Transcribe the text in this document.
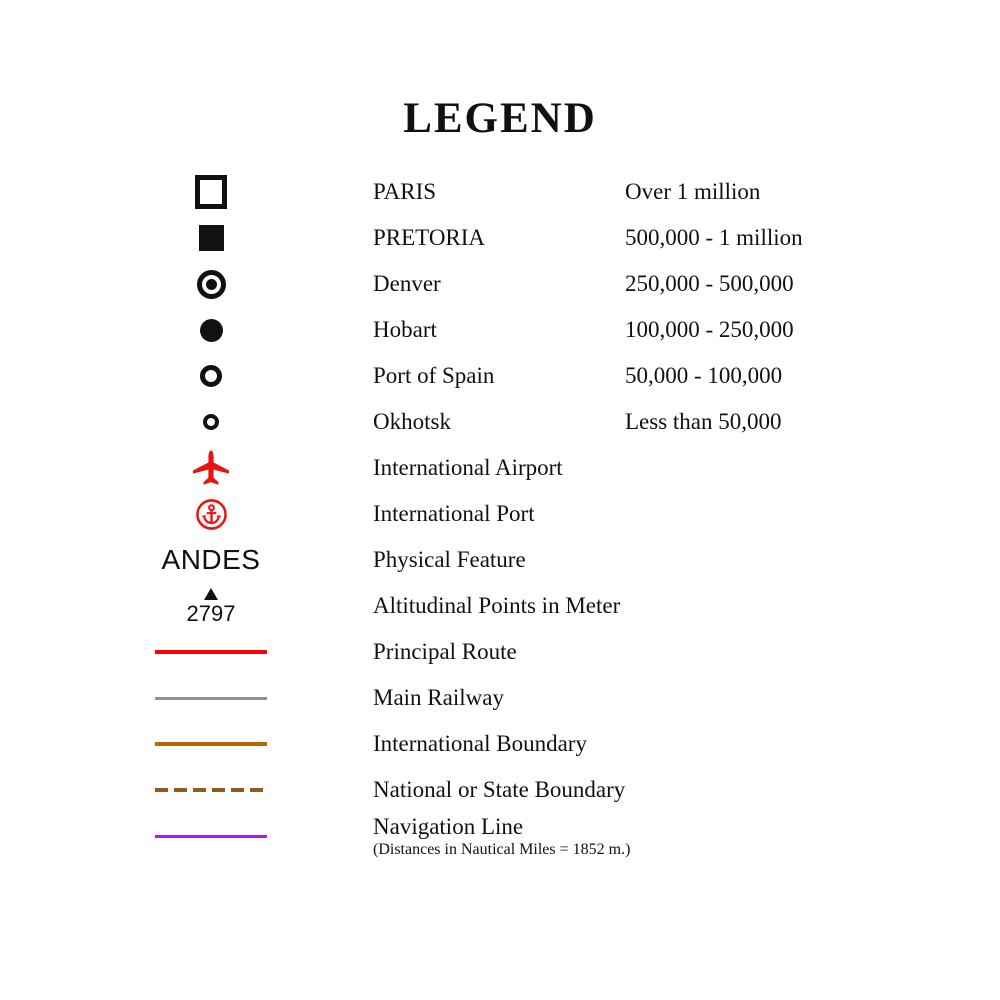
LEGEND
PARIS	Over 1 million
PRETORIA	500,000 - 1 million
Denver	250,000 - 500,000
Hobart	100,000 - 250,000
Port of Spain	50,000 - 100,000
Okhotsk	Less than 50,000
International Airport
International Port
ANDES	Physical Feature
2797	Altitudinal Points in Meter
Principal Route
Main Railway
International Boundary
National or State Boundary
Navigation Line
(Distances in Nautical Miles = 1852 m.)
